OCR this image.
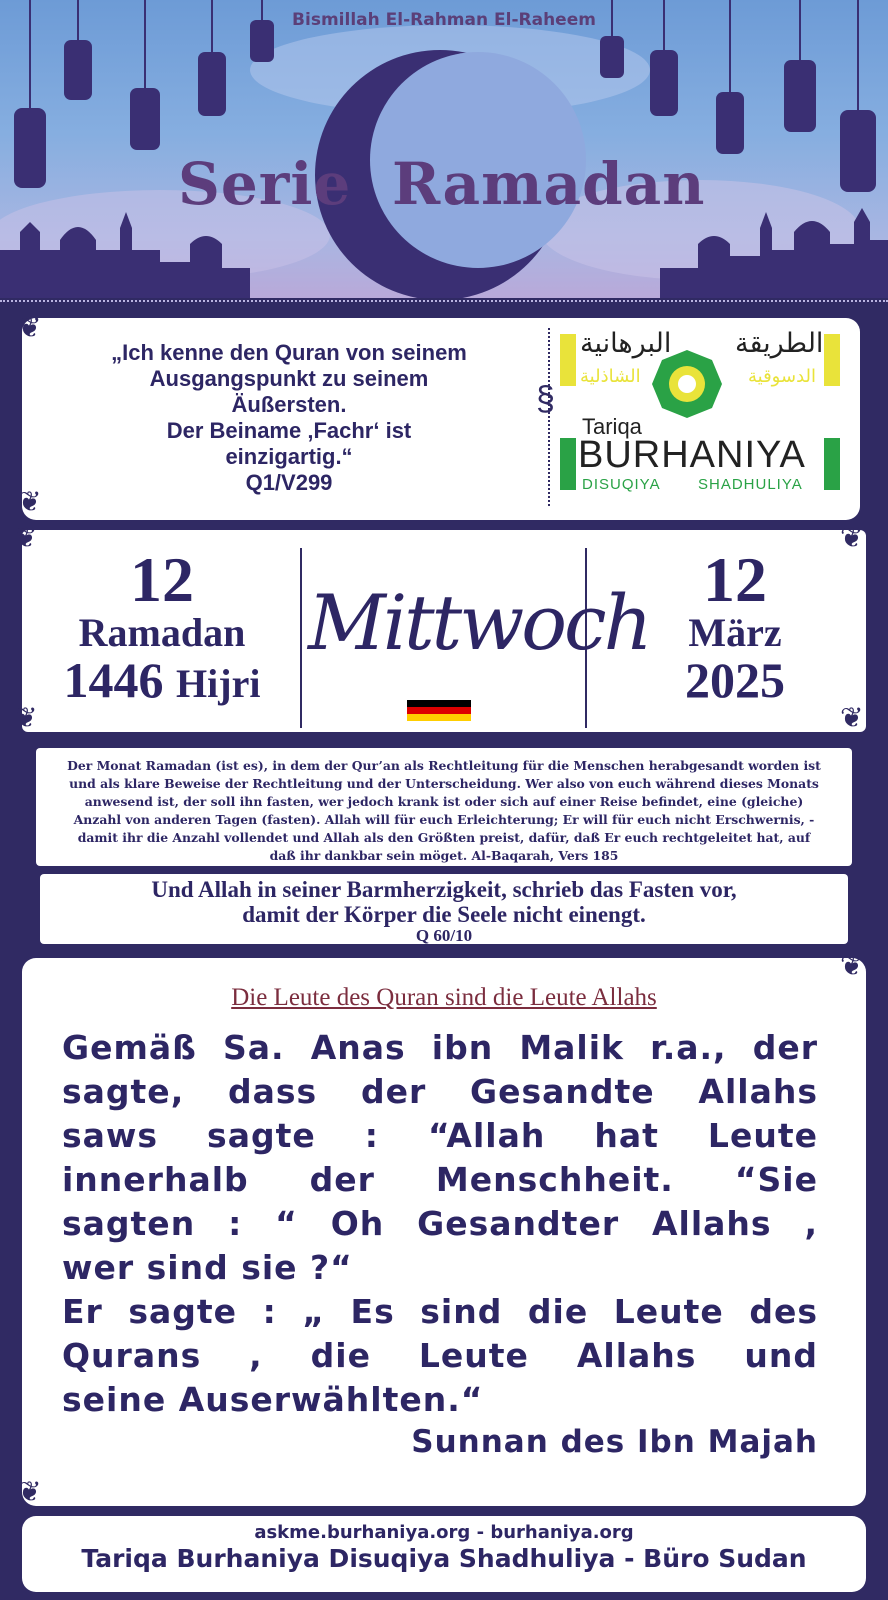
Bismillah El-Rahman El-Raheem
Serie Ramadan
❦
❦
„Ich kenne den Quran von seinem
Ausgangspunkt zu seinem
Äußersten.
Der Beiname ‚Fachr‘ ist
einzigartig.“
Q1/V299
§
البرهانية الطريقة
الشاذلية	الدسوقية
Tariqa
BURHANIYA
DISUQIYA SHADHULIYA
❦
❦
❦
❦
12
Ramadan
1446 Hijri
Mittwoch 12
März
2025
Der Monat Ramadan (ist es), in dem der Qur’an als Rechtleitung für die Menschen herabgesandt worden ist
und als klare Beweise der Rechtleitung und der Unterscheidung. Wer also von euch während dieses Monats
anwesend ist, der soll ihn fasten, wer jedoch krank ist oder sich auf einer Reise befindet, eine (gleiche)
Anzahl von anderen Tagen (fasten). Allah will für euch Erleichterung; Er will für euch nicht Erschwernis, -
damit ihr die Anzahl vollendet und Allah als den Größten preist, dafür, daß Er euch rechtgeleitet hat, auf
daß ihr dankbar sein möget. Al-Baqarah, Vers 185
Und Allah in seiner Barmherzigkeit, schrieb das Fasten vor,
damit der Körper die Seele nicht einengt.
Q 60/10
❦
❦
Die Leute des Quran sind die Leute Allahs
Gemäß Sa. Anas ibn Malik r.a., der
sagte, dass der Gesandte Allahs
saws sagte : “Allah hat Leute
innerhalb der Menschheit. “Sie
sagten : “ Oh Gesandter Allahs ,
wer sind sie ?“
Er sagte : „ Es sind die Leute des
Qurans , die Leute Allahs und
seine Auserwählten.“
Sunnan des Ibn Majah
askme.burhaniya.org - burhaniya.org
Tariqa Burhaniya Disuqiya Shadhuliya - Büro Sudan
